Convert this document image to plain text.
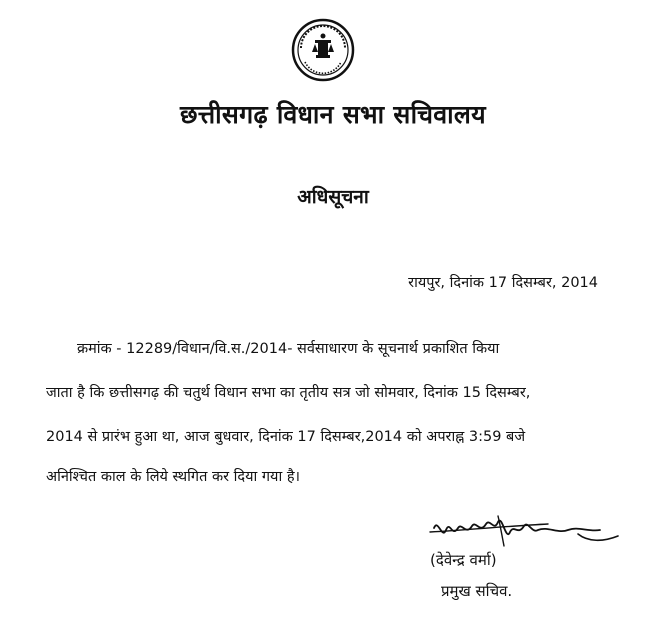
छत्तीसगढ़ विधान सभा सचिवालय
अधिसूचना
रायपुर, दिनांक 17 दिसम्बर, 2014
क्रमांक - 12289/विधान/वि.स./2014- सर्वसाधारण के सूचनार्थ प्रकाशित किया
जाता है कि छत्तीसगढ़ की चतुर्थ विधान सभा का तृतीय सत्र जो सोमवार, दिनांक 15 दिसम्बर,
2014 से प्रारंभ हुआ था, आज बुधवार, दिनांक 17 दिसम्बर,2014 को अपराह्न 3:59 बजे
अनिश्चित काल के लिये स्थगित कर दिया गया है।
(देवेन्द्र वर्मा)
प्रमुख सचिव.
